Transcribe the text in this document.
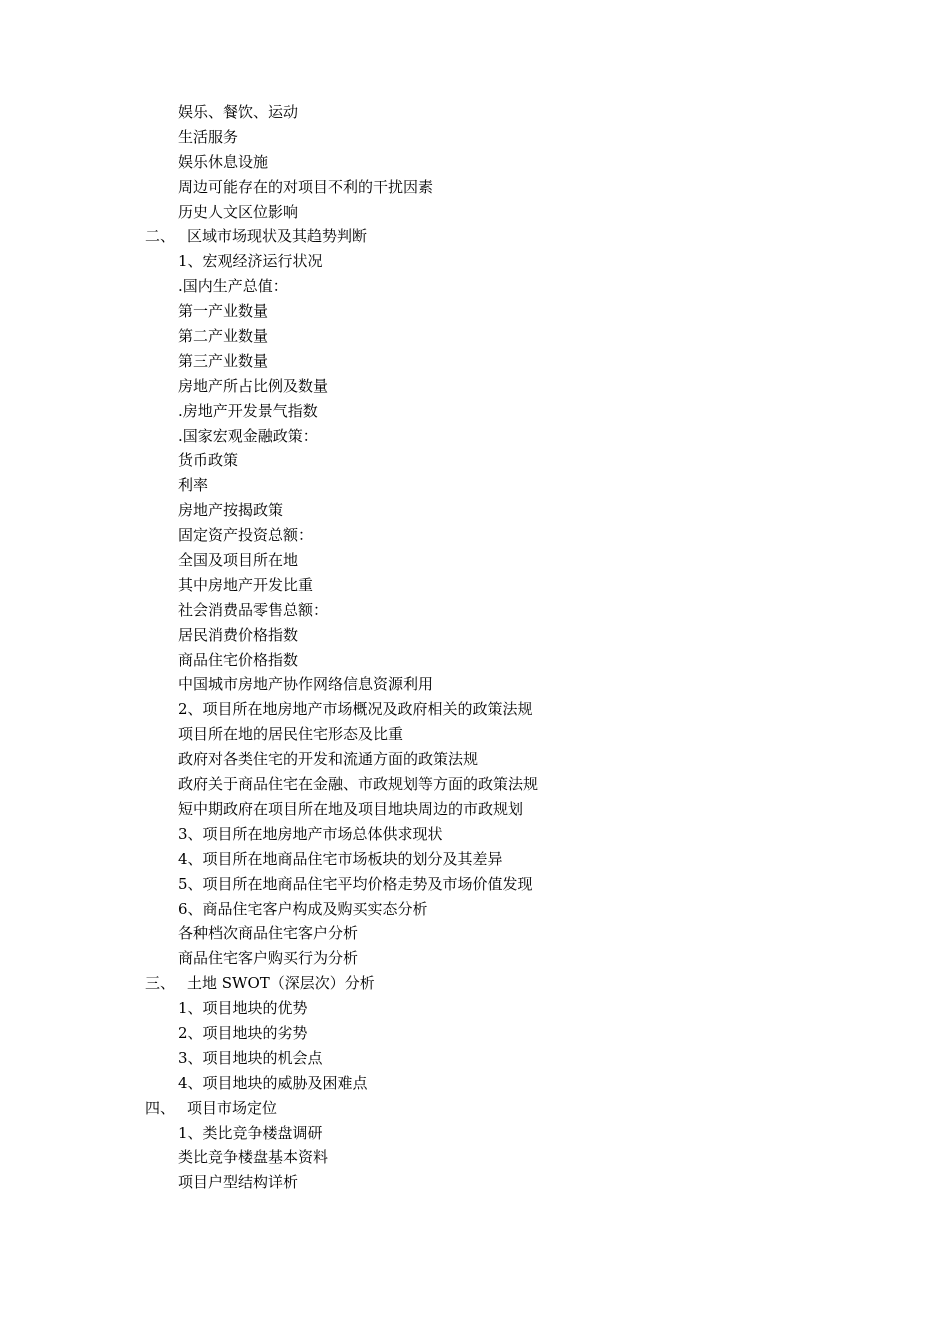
娱乐、餐饮、运动
生活服务
娱乐休息设施
周边可能存在的对项目不利的干扰因素
历史人文区位影响
二、 区域市场现状及其趋势判断
1、宏观经济运行状况
.国内生产总值：
第一产业数量
第二产业数量
第三产业数量
房地产所占比例及数量
.房地产开发景气指数
.国家宏观金融政策：
货币政策
利率
房地产按揭政策
固定资产投资总额：
全国及项目所在地
其中房地产开发比重
社会消费品零售总额：
居民消费价格指数
商品住宅价格指数
中国城市房地产协作网络信息资源利用
2、项目所在地房地产市场概况及政府相关的政策法规
项目所在地的居民住宅形态及比重
政府对各类住宅的开发和流通方面的政策法规
政府关于商品住宅在金融、市政规划等方面的政策法规
短中期政府在项目所在地及项目地块周边的市政规划
3、项目所在地房地产市场总体供求现状
4、项目所在地商品住宅市场板块的划分及其差异
5、项目所在地商品住宅平均价格走势及市场价值发现
6、商品住宅客户构成及购买实态分析
各种档次商品住宅客户分析
商品住宅客户购买行为分析
三、 土地 SWOT（深层次）分析
1、项目地块的优势
2、项目地块的劣势
3、项目地块的机会点
4、项目地块的威胁及困难点
四、 项目市场定位
1、类比竞争楼盘调研
类比竞争楼盘基本资料
项目户型结构详析
